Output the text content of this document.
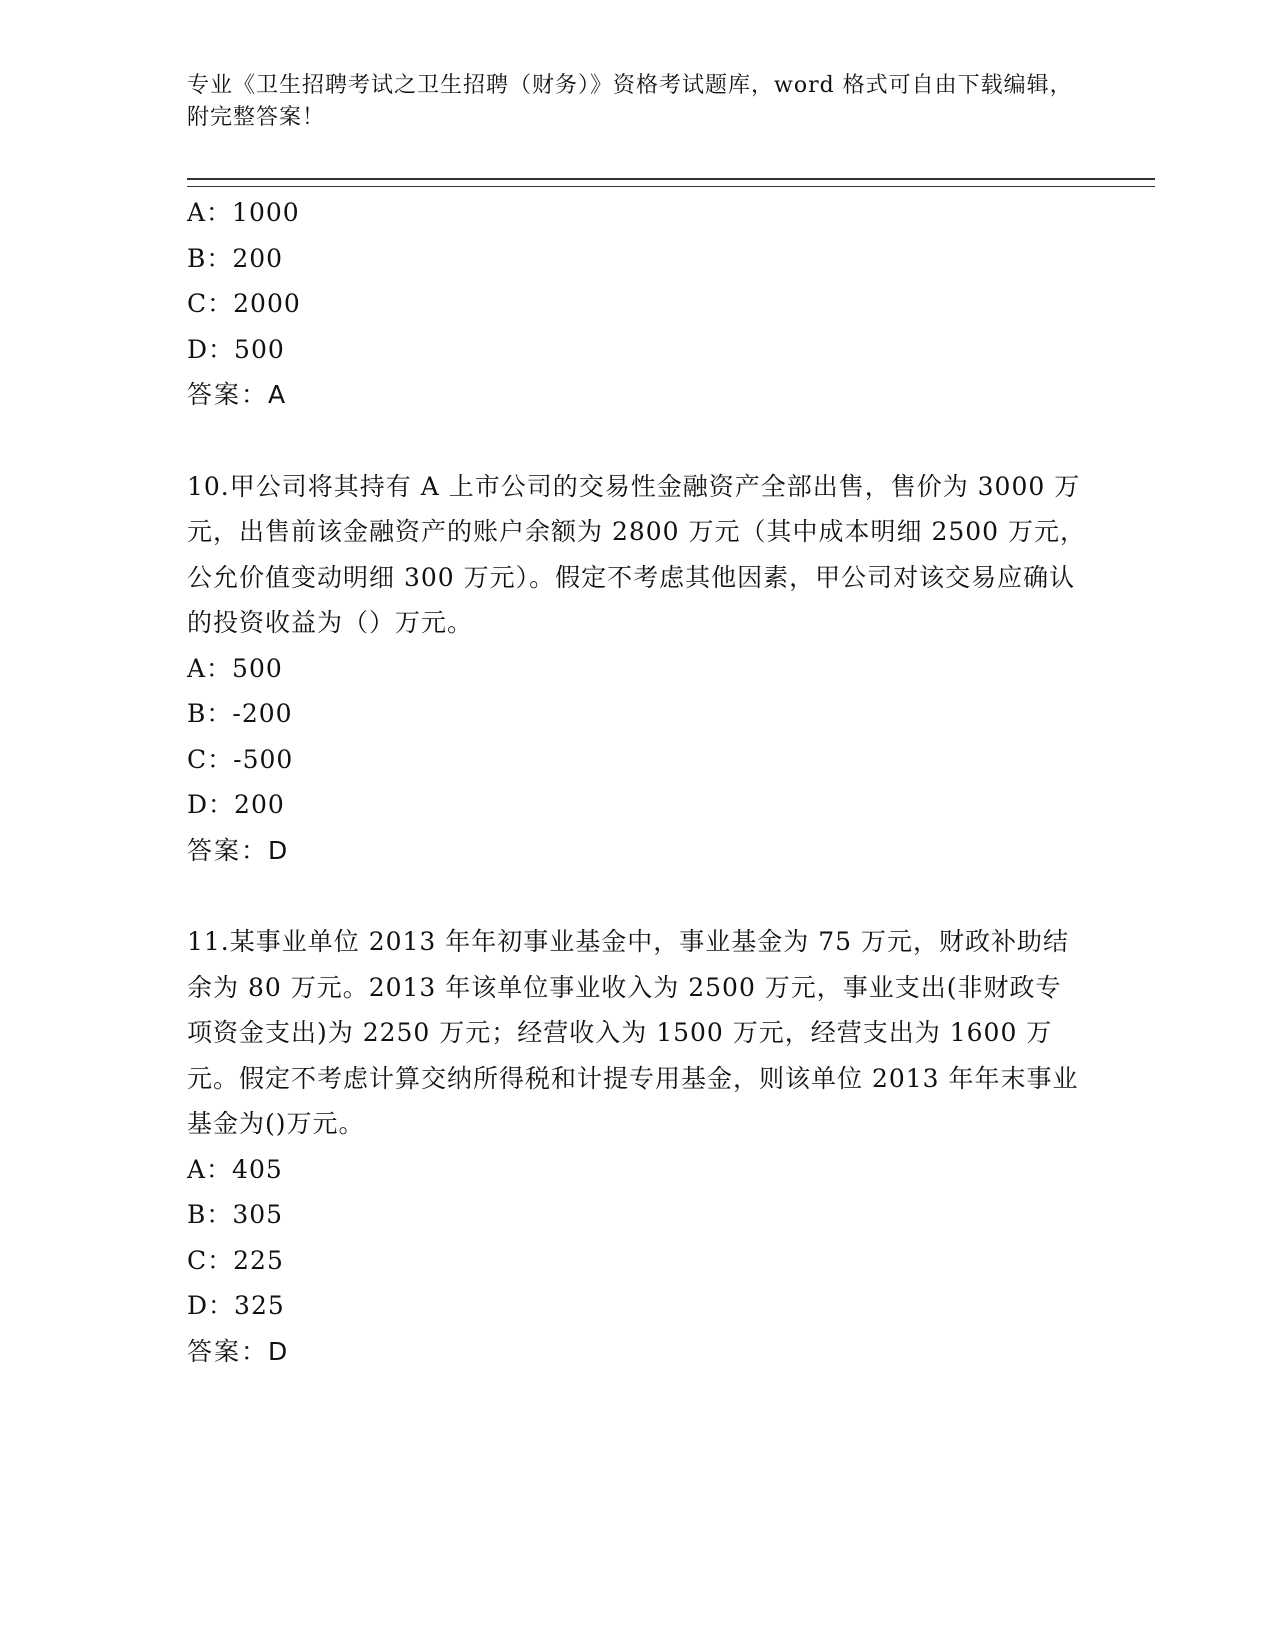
专业《卫生招聘考试之卫生招聘（财务）》资格考试题库，word 格式可自由下载编辑，附完整答案！
A：1000
B：200
C：2000
D：500
答案：A

10.甲公司将其持有 A 上市公司的交易性金融资产全部出售，售价为 3000 万元，出售前该金融资产的账户余额为 2800 万元（其中成本明细 2500 万元，公允价值变动明细 300 万元）。假定不考虑其他因素，甲公司对该交易应确认的投资收益为（）万元。

A：500
B：-200
C：-500
D：200
答案：D

11.某事业单位 2013 年年初事业基金中，事业基金为 75 万元，财政补助结余为 80 万元。2013 年该单位事业收入为 2500 万元，事业支出(非财政专项资金支出)为 2250 万元；经营收入为 1500 万元，经营支出为 1600 万元。假定不考虑计算交纳所得税和计提专用基金，则该单位 2013 年年末事业基金为()万元。

A：405
B：305
C：225
D：325
答案：D
